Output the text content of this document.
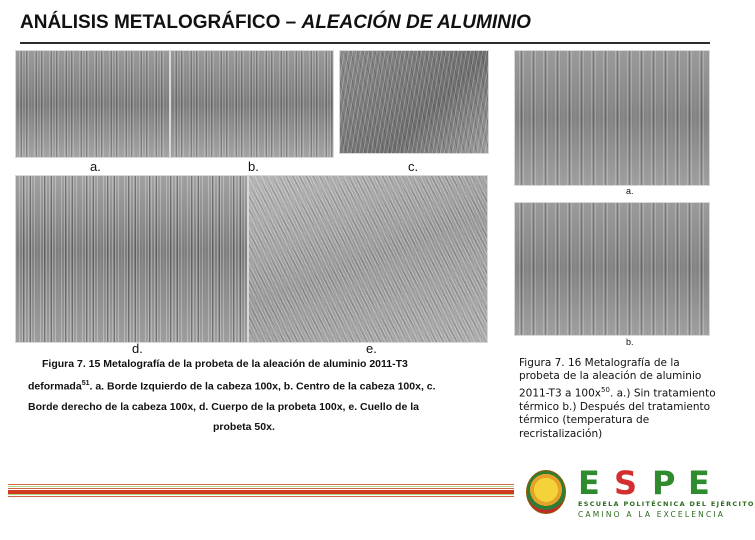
ANÁLISIS METALOGRÁFICO – ALEACIÓN DE ALUMINIO
a.	b.	c.
d.	e.
a.
b.
Figura 7. 15 Metalografía de la probeta de la aleación de aluminio 2011-T3
deformada$^{51}$. a. Borde Izquierdo de la cabeza 100x, b. Centro de la cabeza 100x, c.
Borde derecho de la cabeza 100x, d. Cuerpo de la probeta 100x, e. Cuello de la
probeta 50x.
Figura 7. 16 Metalografía de la
probeta de la aleación de aluminio
2011-T3 a $100x^{50}$. a.) Sin tratamiento
térmico b.) Después del tratamiento
térmico (temperatura de
recristalización)
E S P E
ESCUELA POLITÉCNICA DEL EJÉRCITO
CAMINO A LA EXCELENCIA
